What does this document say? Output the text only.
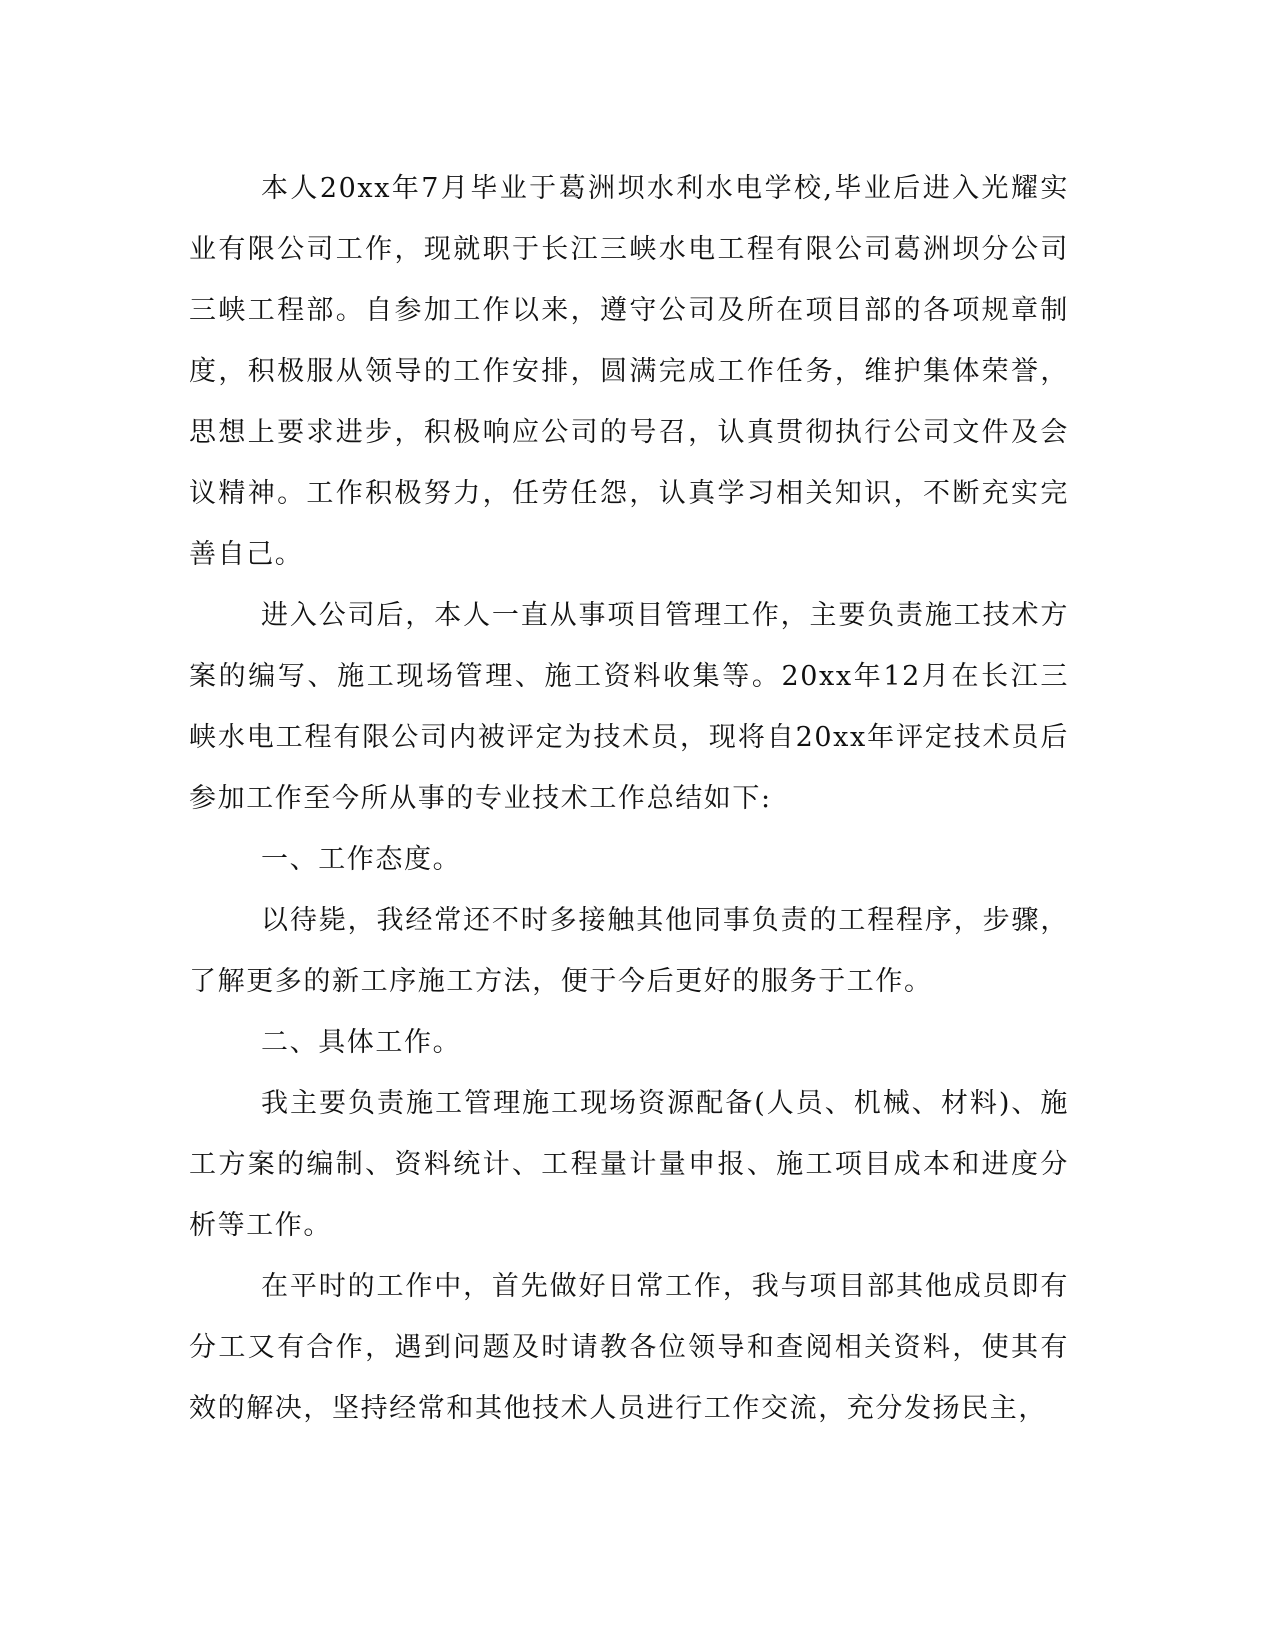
本人20xx年7月毕业于葛洲坝水利水电学校,毕业后进入光耀实业有限公司工作，现就职于长江三峡水电工程有限公司葛洲坝分公司三峡工程部。自参加工作以来，遵守公司及所在项目部的各项规章制度，积极服从领导的工作安排，圆满完成工作任务，维护集体荣誉，思想上要求进步，积极响应公司的号召，认真贯彻执行公司文件及会议精神。工作积极努力，任劳任怨，认真学习相关知识，不断充实完善自己。

进入公司后，本人一直从事项目管理工作，主要负责施工技术方案的编写、施工现场管理、施工资料收集等。20xx年12月在长江三峡水电工程有限公司内被评定为技术员，现将自20xx年评定技术员后参加工作至今所从事的专业技术工作总结如下:

一、工作态度。

以待毙，我经常还不时多接触其他同事负责的工程程序，步骤，了解更多的新工序施工方法，便于今后更好的服务于工作。

二、具体工作。

我主要负责施工管理施工现场资源配备(人员、机械、材料)、施工方案的编制、资料统计、工程量计量申报、施工项目成本和进度分析等工作。

在平时的工作中，首先做好日常工作，我与项目部其他成员即有分工又有合作，遇到问题及时请教各位领导和查阅相关资料，使其有效的解决，坚持经常和其他技术人员进行工作交流，充分发扬民主，
